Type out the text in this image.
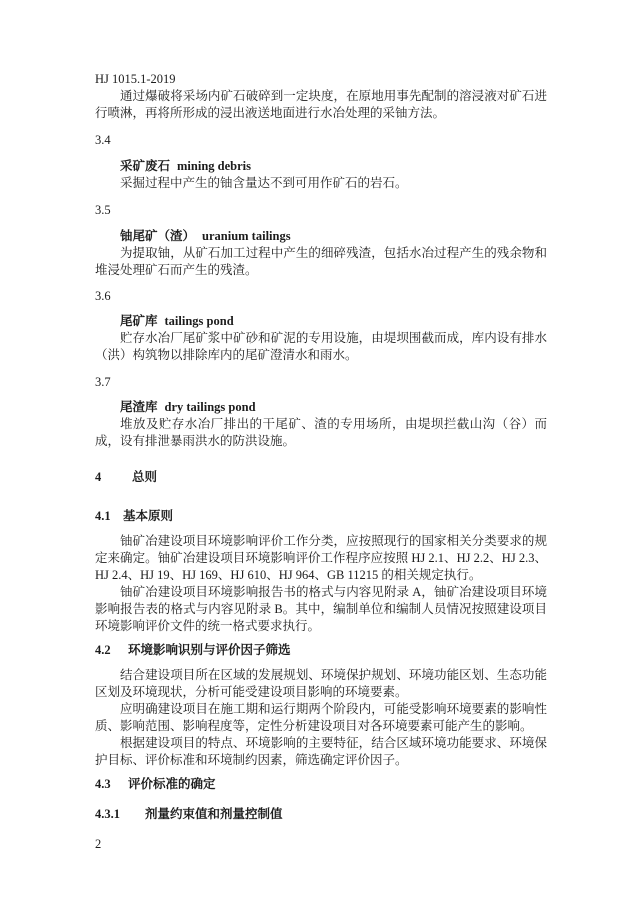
HJ 1015.1-2019

通过爆破将采场内矿石破碎到一定块度，在原地用事先配制的溶浸液对矿石进行喷淋，再将所形成的浸出液送地面进行水冶处理的采铀方法。

3.4
采矿废石 mining debris

采掘过程中产生的铀含量达不到可用作矿石的岩石。

3.5
铀尾矿（渣） uranium tailings

为提取铀，从矿石加工过程中产生的细碎残渣，包括水冶过程产生的残余物和堆浸处理矿石而产生的残渣。

3.6
尾矿库 tailings pond

贮存水冶厂尾矿浆中矿砂和矿泥的专用设施，由堤坝围截而成，库内设有排水（洪）构筑物以排除库内的尾矿澄清水和雨水。

3.7
尾渣库 dry tailings pond

堆放及贮存水冶厂排出的干尾矿、渣的专用场所，由堤坝拦截山沟（谷）而成，设有排泄暴雨洪水的防洪设施。

4 总则
4.1 基本原则

铀矿冶建设项目环境影响评价工作分类，应按照现行的国家相关分类要求的规定来确定。铀矿冶建设项目环境影响评价工作程序应按照 HJ 2.1、HJ 2.2、HJ 2.3、HJ 2.4、HJ 19、HJ 169、HJ 610、HJ 964、GB 11215 的相关规定执行。

铀矿冶建设项目环境影响报告书的格式与内容见附录 A，铀矿冶建设项目环境影响报告表的格式与内容见附录 B。其中，编制单位和编制人员情况按照建设项目环境影响评价文件的统一格式要求执行。

4.2 环境影响识别与评价因子筛选

结合建设项目所在区域的发展规划、环境保护规划、环境功能区划、生态功能区划及环境现状，分析可能受建设项目影响的环境要素。

应明确建设项目在施工期和运行期两个阶段内，可能受影响环境要素的影响性质、影响范围、影响程度等，定性分析建设项目对各环境要素可能产生的影响。

根据建设项目的特点、环境影响的主要特征，结合区域环境功能要求、环境保护目标、评价标准和环境制约因素，筛选确定评价因子。

4.3 评价标准的确定
4.3.1 剂量约束值和剂量控制值
2
